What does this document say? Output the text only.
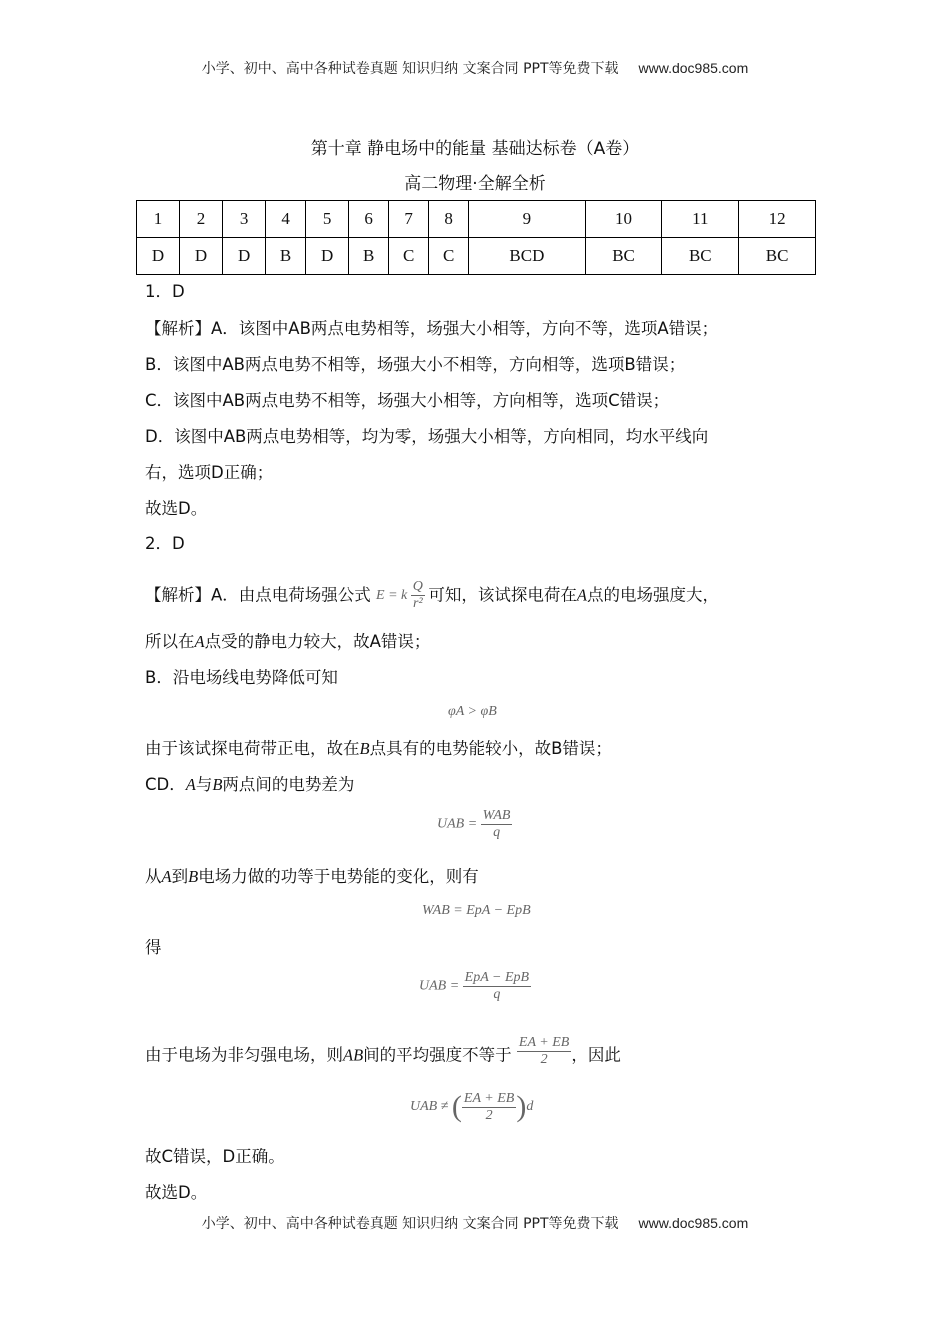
小学、初中、高中各种试卷真题 知识归纳 文案合同 PPT等免费下载 www.doc985.com
第十章 静电场中的能量 基础达标卷（A卷）
高二物理·全解全析
1	2	3	4	5	6	7	8	9	10	11	12
D	D	D	B	D	B	C	C	BCD	BC	BC	BC
1．D
【解析】A．该图中AB两点电势相等，场强大小相等，方向不等，选项A错误；
B．该图中AB两点电势不相等，场强大小不相等，方向相等，选项B错误；
C．该图中AB两点电势不相等，场强大小相等，方向相等，选项C错误；
D．该图中AB两点电势相等，均为零，场强大小相等，方向相同，均水平线向
右，选项D正确；
故选D。
2．D
【解析】A．由点电荷场强公式 E = k $\frac{Q}{\text{r²}}$ 可知，该试探电荷在A点的电场强度大，
所以在A点受的静电力较大，故A错误；
B．沿电场线电势降低可知
φA > φB
由于该试探电荷带正电，故在B点具有的电势能较小，故B错误；
CD．A与B两点间的电势差为
UAB = $\frac{\text{WAB}}{q}$
从A到B电场力做的功等于电势能的变化，则有
WAB = EpA − EpB
得
UAB = $\frac{\text{EpA − EpB}}{q}$
由于电场为非匀强电场，则AB间的平均强度不等于 $^{\frac{EA + EB}{2}}$ ，因此
UAB ≠ ( $\frac{EA + EB}{2} )d$
故C错误，D正确。
故选D。
小学、初中、高中各种试卷真题 知识归纳 文案合同 PPT等免费下载 www.doc985.com
